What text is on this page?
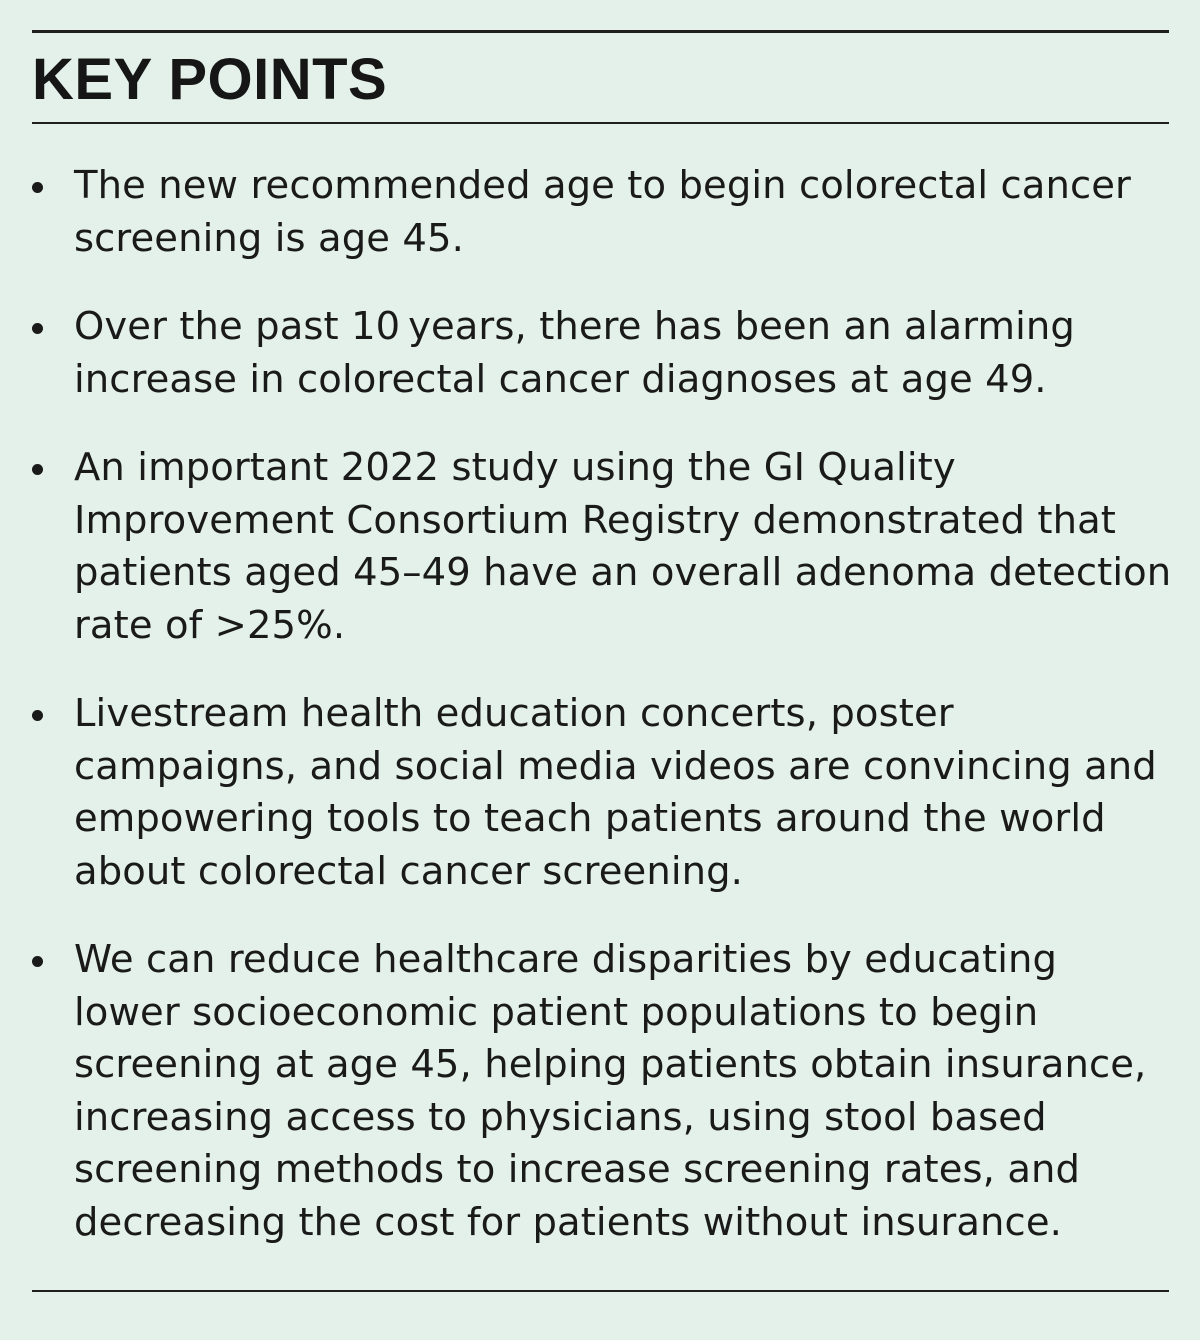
KEY POINTS
The new recommended age to begin colorectal cancer screening is age 45.
Over the past 10 years, there has been an alarming increase in colorectal cancer diagnoses at age 49.
An important 2022 study using the GI Quality Improvement Consortium Registry demonstrated that patients aged 45–49 have an overall adenoma detection rate of >25%.
Livestream health education concerts, poster campaigns, and social media videos are convincing and empowering tools to teach patients around the world about colorectal cancer screening.
We can reduce healthcare disparities by educating lower socioeconomic patient populations to begin screening at age 45, helping patients obtain insurance, increasing access to physicians, using stool based screening methods to increase screening rates, and decreasing the cost for patients without insurance.
